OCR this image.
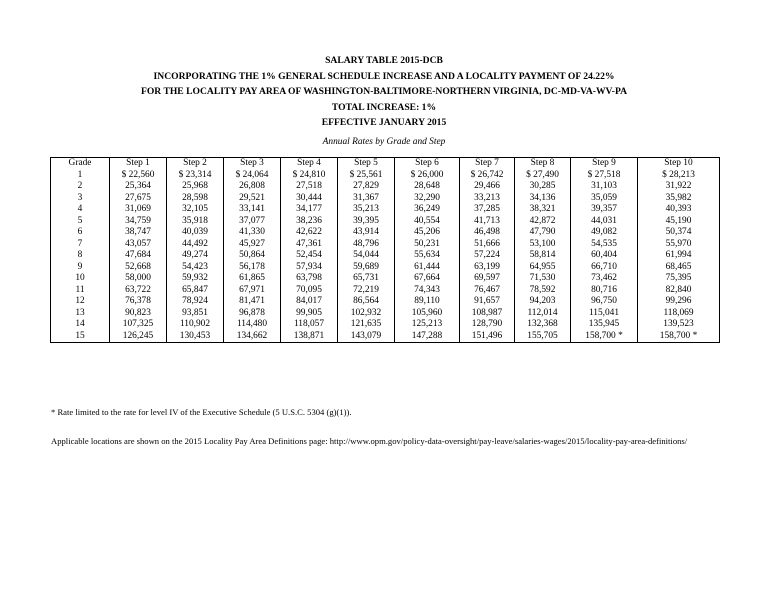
SALARY TABLE 2015-DCB
INCORPORATING THE 1% GENERAL SCHEDULE INCREASE AND A LOCALITY PAYMENT OF 24.22%
FOR THE LOCALITY PAY AREA OF WASHINGTON-BALTIMORE-NORTHERN VIRGINIA, DC-MD-VA-WV-PA
TOTAL INCREASE: 1%
EFFECTIVE JANUARY 2015
Annual Rates by Grade and Step
Grade	Step 1	Step 2	Step 3	Step 4	Step 5	Step 6	Step 7	Step 8	Step 9	Step 10
1	$ 22,560	$ 23,314	$ 24,064	$ 24,810	$ 25,561	$ 26,000	$ 26,742	$ 27,490	$ 27,518	$ 28,213
2	25,364	25,968	26,808	27,518	27,829	28,648	29,466	30,285	31,103	31,922
3	27,675	28,598	29,521	30,444	31,367	32,290	33,213	34,136	35,059	35,982
4	31,069	32,105	33,141	34,177	35,213	36,249	37,285	38,321	39,357	40,393
5	34,759	35,918	37,077	38,236	39,395	40,554	41,713	42,872	44,031	45,190
6	38,747	40,039	41,330	42,622	43,914	45,206	46,498	47,790	49,082	50,374
7	43,057	44,492	45,927	47,361	48,796	50,231	51,666	53,100	54,535	55,970
8	47,684	49,274	50,864	52,454	54,044	55,634	57,224	58,814	60,404	61,994
9	52,668	54,423	56,178	57,934	59,689	61,444	63,199	64,955	66,710	68,465
10	58,000	59,932	61,865	63,798	65,731	67,664	69,597	71,530	73,462	75,395
11	63,722	65,847	67,971	70,095	72,219	74,343	76,467	78,592	80,716	82,840
12	76,378	78,924	81,471	84,017	86,564	89,110	91,657	94,203	96,750	99,296
13	90,823	93,851	96,878	99,905	102,932	105,960	108,987	112,014	115,041	118,069
14	107,325	110,902	114,480	118,057	121,635	125,213	128,790	132,368	135,945	139,523
15	126,245	130,453	134,662	138,871	143,079	147,288	151,496	155,705	158,700 *	158,700 *
* Rate limited to the rate for level IV of the Executive Schedule (5 U.S.C. 5304 (g)(1)).
Applicable locations are shown on the 2015 Locality Pay Area Definitions page: http://www.opm.gov/policy-data-oversight/pay-leave/salaries-wages/2015/locality-pay-area-definitions/
